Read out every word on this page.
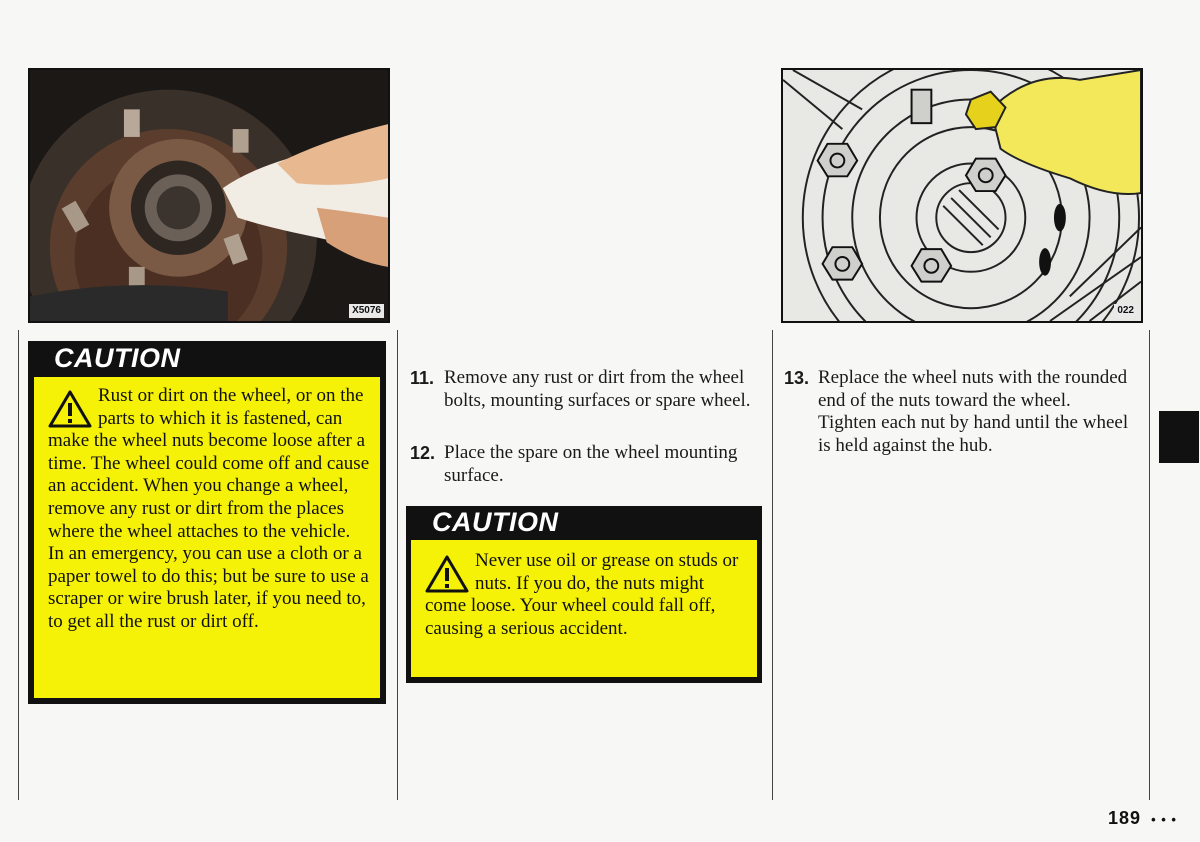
X5076	022
CAUTION
Rust or dirt on the wheel, or on the parts to which it is fastened, can make the wheel nuts become loose after a time. The wheel could come off and cause an accident. When you change a wheel, remove any rust or dirt from the places where the wheel attaches to the vehicle. In an emergency, you can use a cloth or a paper towel to do this; but be sure to use a scraper or wire brush later, if you need to, to get all the rust or dirt off.
11. Remove any rust or dirt from the wheel bolts, mounting surfaces or spare wheel.
12. Place the spare on the wheel mounting surface.
CAUTION
Never use oil or grease on studs or nuts. If you do, the nuts might come loose. Your wheel could fall off, causing a serious accident.
13. Replace the wheel nuts with the rounded end of the nuts toward the wheel. Tighten each nut by hand until the wheel is held against the hub.
189 • • •
